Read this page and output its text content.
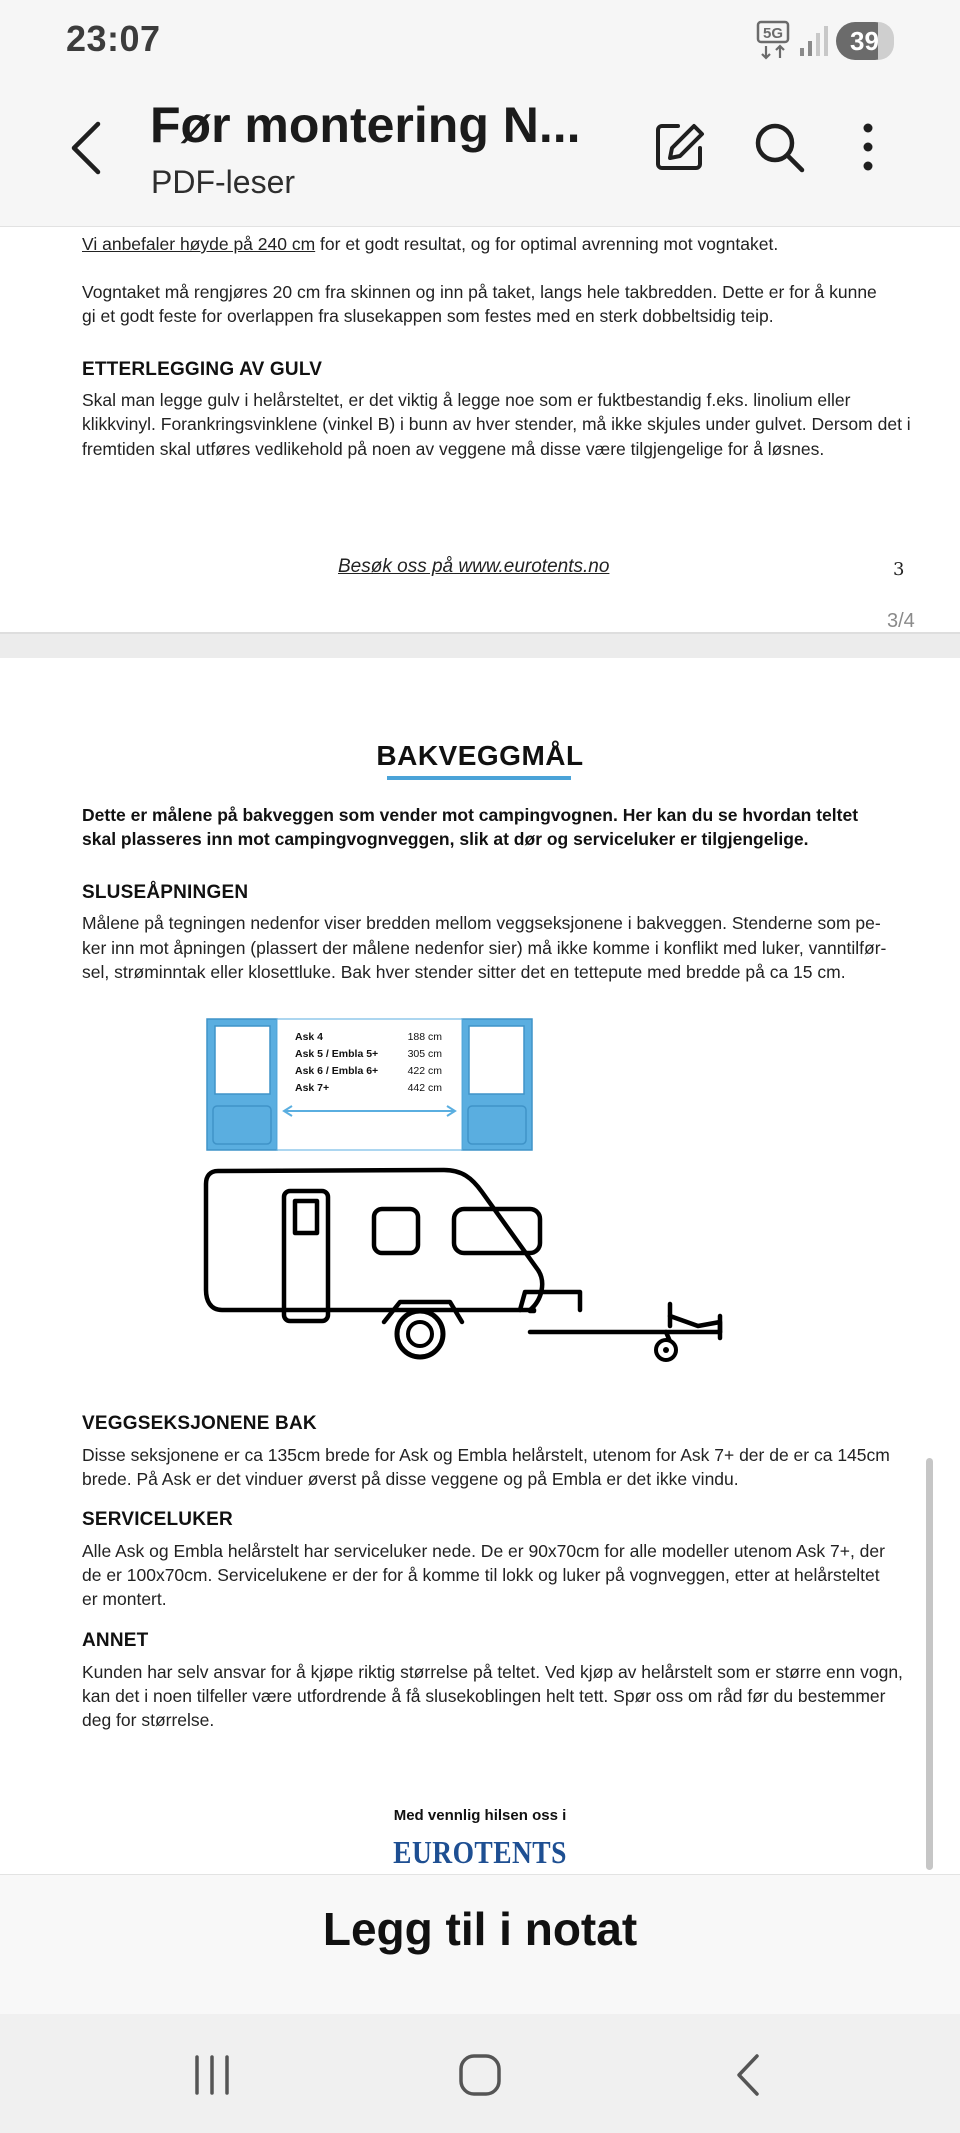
23:07	5G	39
Før montering N...
PDF-leser
Vi anbefaler høyde på 240 cm for et godt resultat, og for optimal avrenning mot vogntaket.
Vogntaket må rengjøres 20 cm fra skinnen og inn på taket, langs hele takbredden. Dette er for å kunne
gi et godt feste for overlappen fra slusekappen som festes med en sterk dobbeltsidig teip.
ETTERLEGGING AV GULV
Skal man legge gulv i helårsteltet, er det viktig å legge noe som er fuktbestandig f.eks. linolium eller
klikkvinyl. Forankringsvinklene (vinkel B) i bunn av hver stender, må ikke skjules under gulvet. Dersom det i
fremtiden skal utføres vedlikehold på noen av veggene må disse være tilgjengelige for å løsnes.
Besøk oss på www.eurotents.no	3
3/4
BAKVEGGMÅL
Dette er målene på bakveggen som vender mot campingvognen. Her kan du se hvordan teltet
skal plasseres inn mot campingvognveggen, slik at dør og serviceluker er tilgjengelige.
SLUSEÅPNINGEN
Målene på tegningen nedenfor viser bredden mellom veggseksjonene i bakveggen. Stenderne som pe-
ker inn mot åpningen (plassert der målene nedenfor sier) må ikke komme i konflikt med luker, vanntilfør-
sel, strøminntak eller klosettluke. Bak hver stender sitter det en tettepute med bredde på ca 15 cm.
Ask 4	188 cm
Ask 5 / Embla 5+	305 cm
Ask 6 / Embla 6+	422 cm
Ask 7+	442 cm
VEGGSEKSJONENE BAK
Disse seksjonene er ca 135cm brede for Ask og Embla helårstelt, utenom for Ask 7+ der de er ca 145cm
brede. På Ask er det vinduer øverst på disse veggene og på Embla er det ikke vindu.
SERVICELUKER
Alle Ask og Embla helårstelt har serviceluker nede. De er 90x70cm for alle modeller utenom Ask 7+, der
de er 100x70cm. Servicelukene er der for å komme til lokk og luker på vognveggen, etter at helårsteltet
er montert.
ANNET
Kunden har selv ansvar for å kjøpe riktig størrelse på teltet. Ved kjøp av helårstelt som er større enn vogn,
kan det i noen tilfeller være utfordrende å få slusekoblingen helt tett. Spør oss om råd før du bestemmer
deg for størrelse.
Med vennlig hilsen oss i
EUROTENTS
Legg til i notat
